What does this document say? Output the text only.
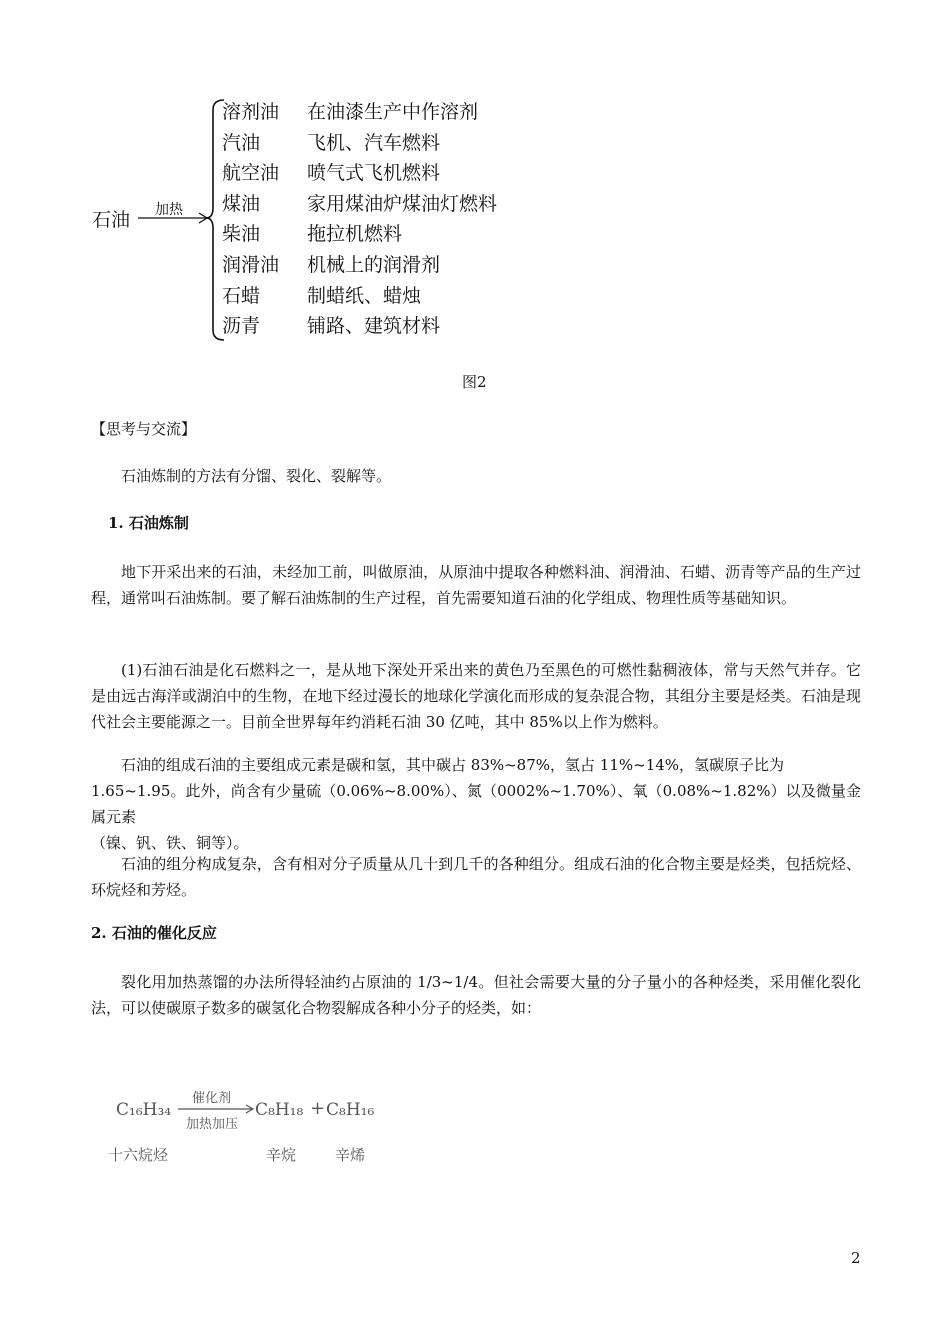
石油 加热
溶剂油 在油漆生产中作溶剂
汽油 飞机、汽车燃料
航空油 喷气式飞机燃料
煤油 家用煤油炉煤油灯燃料
柴油 拖拉机燃料
润滑油 机械上的润滑剂
石蜡 制蜡纸、蜡烛
沥青 铺路、建筑材料
图2
【思考与交流】
石油炼制的方法有分馏、裂化、裂解等。
1. 石油炼制
地下开采出来的石油，未经加工前，叫做原油，从原油中提取各种燃料油、润滑油、石蜡、沥青等产品的生产过程，通常叫石油炼制。要了解石油炼制的生产过程，首先需要知道石油的化学组成、物理性质等基础知识。
(1)石油石油是化石燃料之一，是从地下深处开采出来的黄色乃至黑色的可燃性黏稠液体，常与天然气并存。它是由远古海洋或湖泊中的生物，在地下经过漫长的地球化学演化而形成的复杂混合物，其组分主要是烃类。石油是现代社会主要能源之一。目前全世界每年约消耗石油 30 亿吨，其中 85%以上作为燃料。
石油的组成石油的主要组成元素是碳和氢，其中碳占 83%~87%，氢占 11%~14%，氢碳原子比为
1.65~1.95。此外，尚含有少量硫（0.06%~8.00%）、氮（0002%~1.70%）、氧（0.08%~1.82%）以及微量金属元素
（镍、钒、铁、铜等）。
石油的组分构成复杂，含有相对分子质量从几十到几千的各种组分。组成石油的化合物主要是烃类，包括烷烃、环烷烃和芳烃。
2. 石油的催化反应
裂化用加热蒸馏的办法所得轻油约占原油的 1/3~1/4。但社会需要大量的分子量小的各种烃类，采用催化裂化法，可以使碳原子数多的碳氢化合物裂解成各种小分子的烃类，如：
C₁₆H₃₄
催化剂
加热加压
C₈H₁₈ + C₈H₁₆
十六烷烃	辛烷	辛烯
2
